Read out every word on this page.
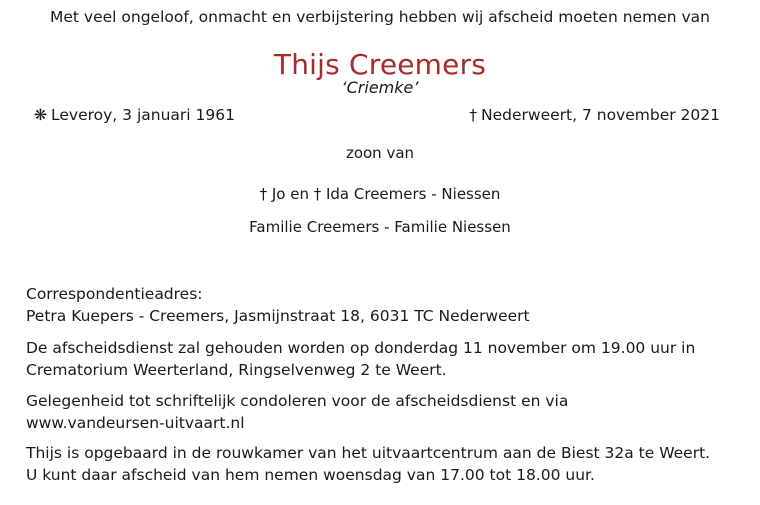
Met veel ongeloof, onmacht en verbijstering hebben wij afscheid moeten nemen van
Thijs Creemers
‘Criemke’
❋ Leveroy, 3 januari 1961	† Nederweert, 7 november 2021
zoon van
† Jo en † Ida Creemers - Niessen
Familie Creemers - Familie Niessen
Correspondentieadres:
Petra Kuepers - Creemers, Jasmijnstraat 18, 6031 TC Nederweert
De afscheidsdienst zal gehouden worden op donderdag 11 november om 19.00 uur in
Crematorium Weerterland, Ringselvenweg 2 te Weert.
Gelegenheid tot schriftelijk condoleren voor de afscheidsdienst en via
www.vandeursen-uitvaart.nl
Thijs is opgebaard in de rouwkamer van het uitvaartcentrum aan de Biest 32a te Weert.
U kunt daar afscheid van hem nemen woensdag van 17.00 tot 18.00 uur.
